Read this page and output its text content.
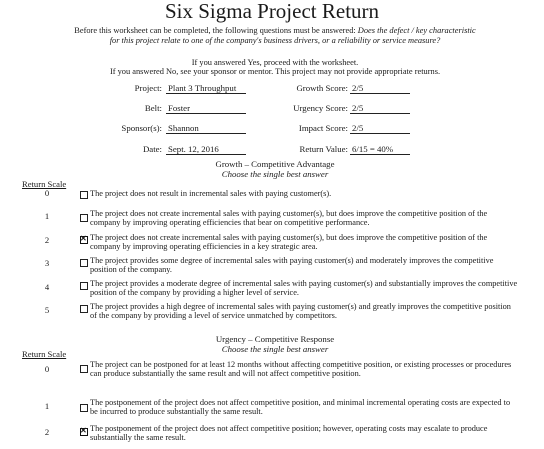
Six Sigma Project Return
Before this worksheet can be completed, the following questions must be answered: Does the defect / key characteristic
for this project relate to one of the company's business drivers, or a reliability or service measure?
If you answered Yes, proceed with the worksheet.
If you answered No, see your sponsor or mentor. This project may not provide appropriate returns.
Project: Plant 3 Throughput
Belt: Foster
Sponsor(s): Shannon
Date: Sept. 12, 2016
Growth Score: 2/5
Urgency Score: 2/5
Impact Score: 2/5
Return Value: 6/15 = 40%
Growth – Competitive Advantage
Choose the single best answer
Return Scale
0	The project does not result in incremental sales with paying customer(s).
1	The project does not create incremental sales with paying customer(s), but does improve the competitive position of the company by improving operating efficiencies that bear on competitive performance.
2	✕ The project does not create incremental sales with paying customer(s), but does improve the competitive position of the company by improving operating efficiencies in a key strategic area.
3	The project provides some degree of incremental sales with paying customer(s) and moderately improves the competitive position of the company.
4	The project provides a moderate degree of incremental sales with paying customer(s) and substantially improves the competitive position of the company by providing a higher level of service.
5	The project provides a high degree of incremental sales with paying customer(s) and greatly improves the competitive position of the company by providing a level of service unmatched by competitors.
Urgency – Competitive Response
Choose the single best answer
Return Scale
0	The project can be postponed for at least 12 months without affecting competitive position, or existing processes or procedures can produce substantially the same result and will not affect competitive position.
1	The postponement of the project does not affect competitive position, and minimal incremental operating costs are expected to be incurred to produce substantially the same result.
2	✕ The postponement of the project does not affect competitive position; however, operating costs may escalate to produce substantially the same result.
